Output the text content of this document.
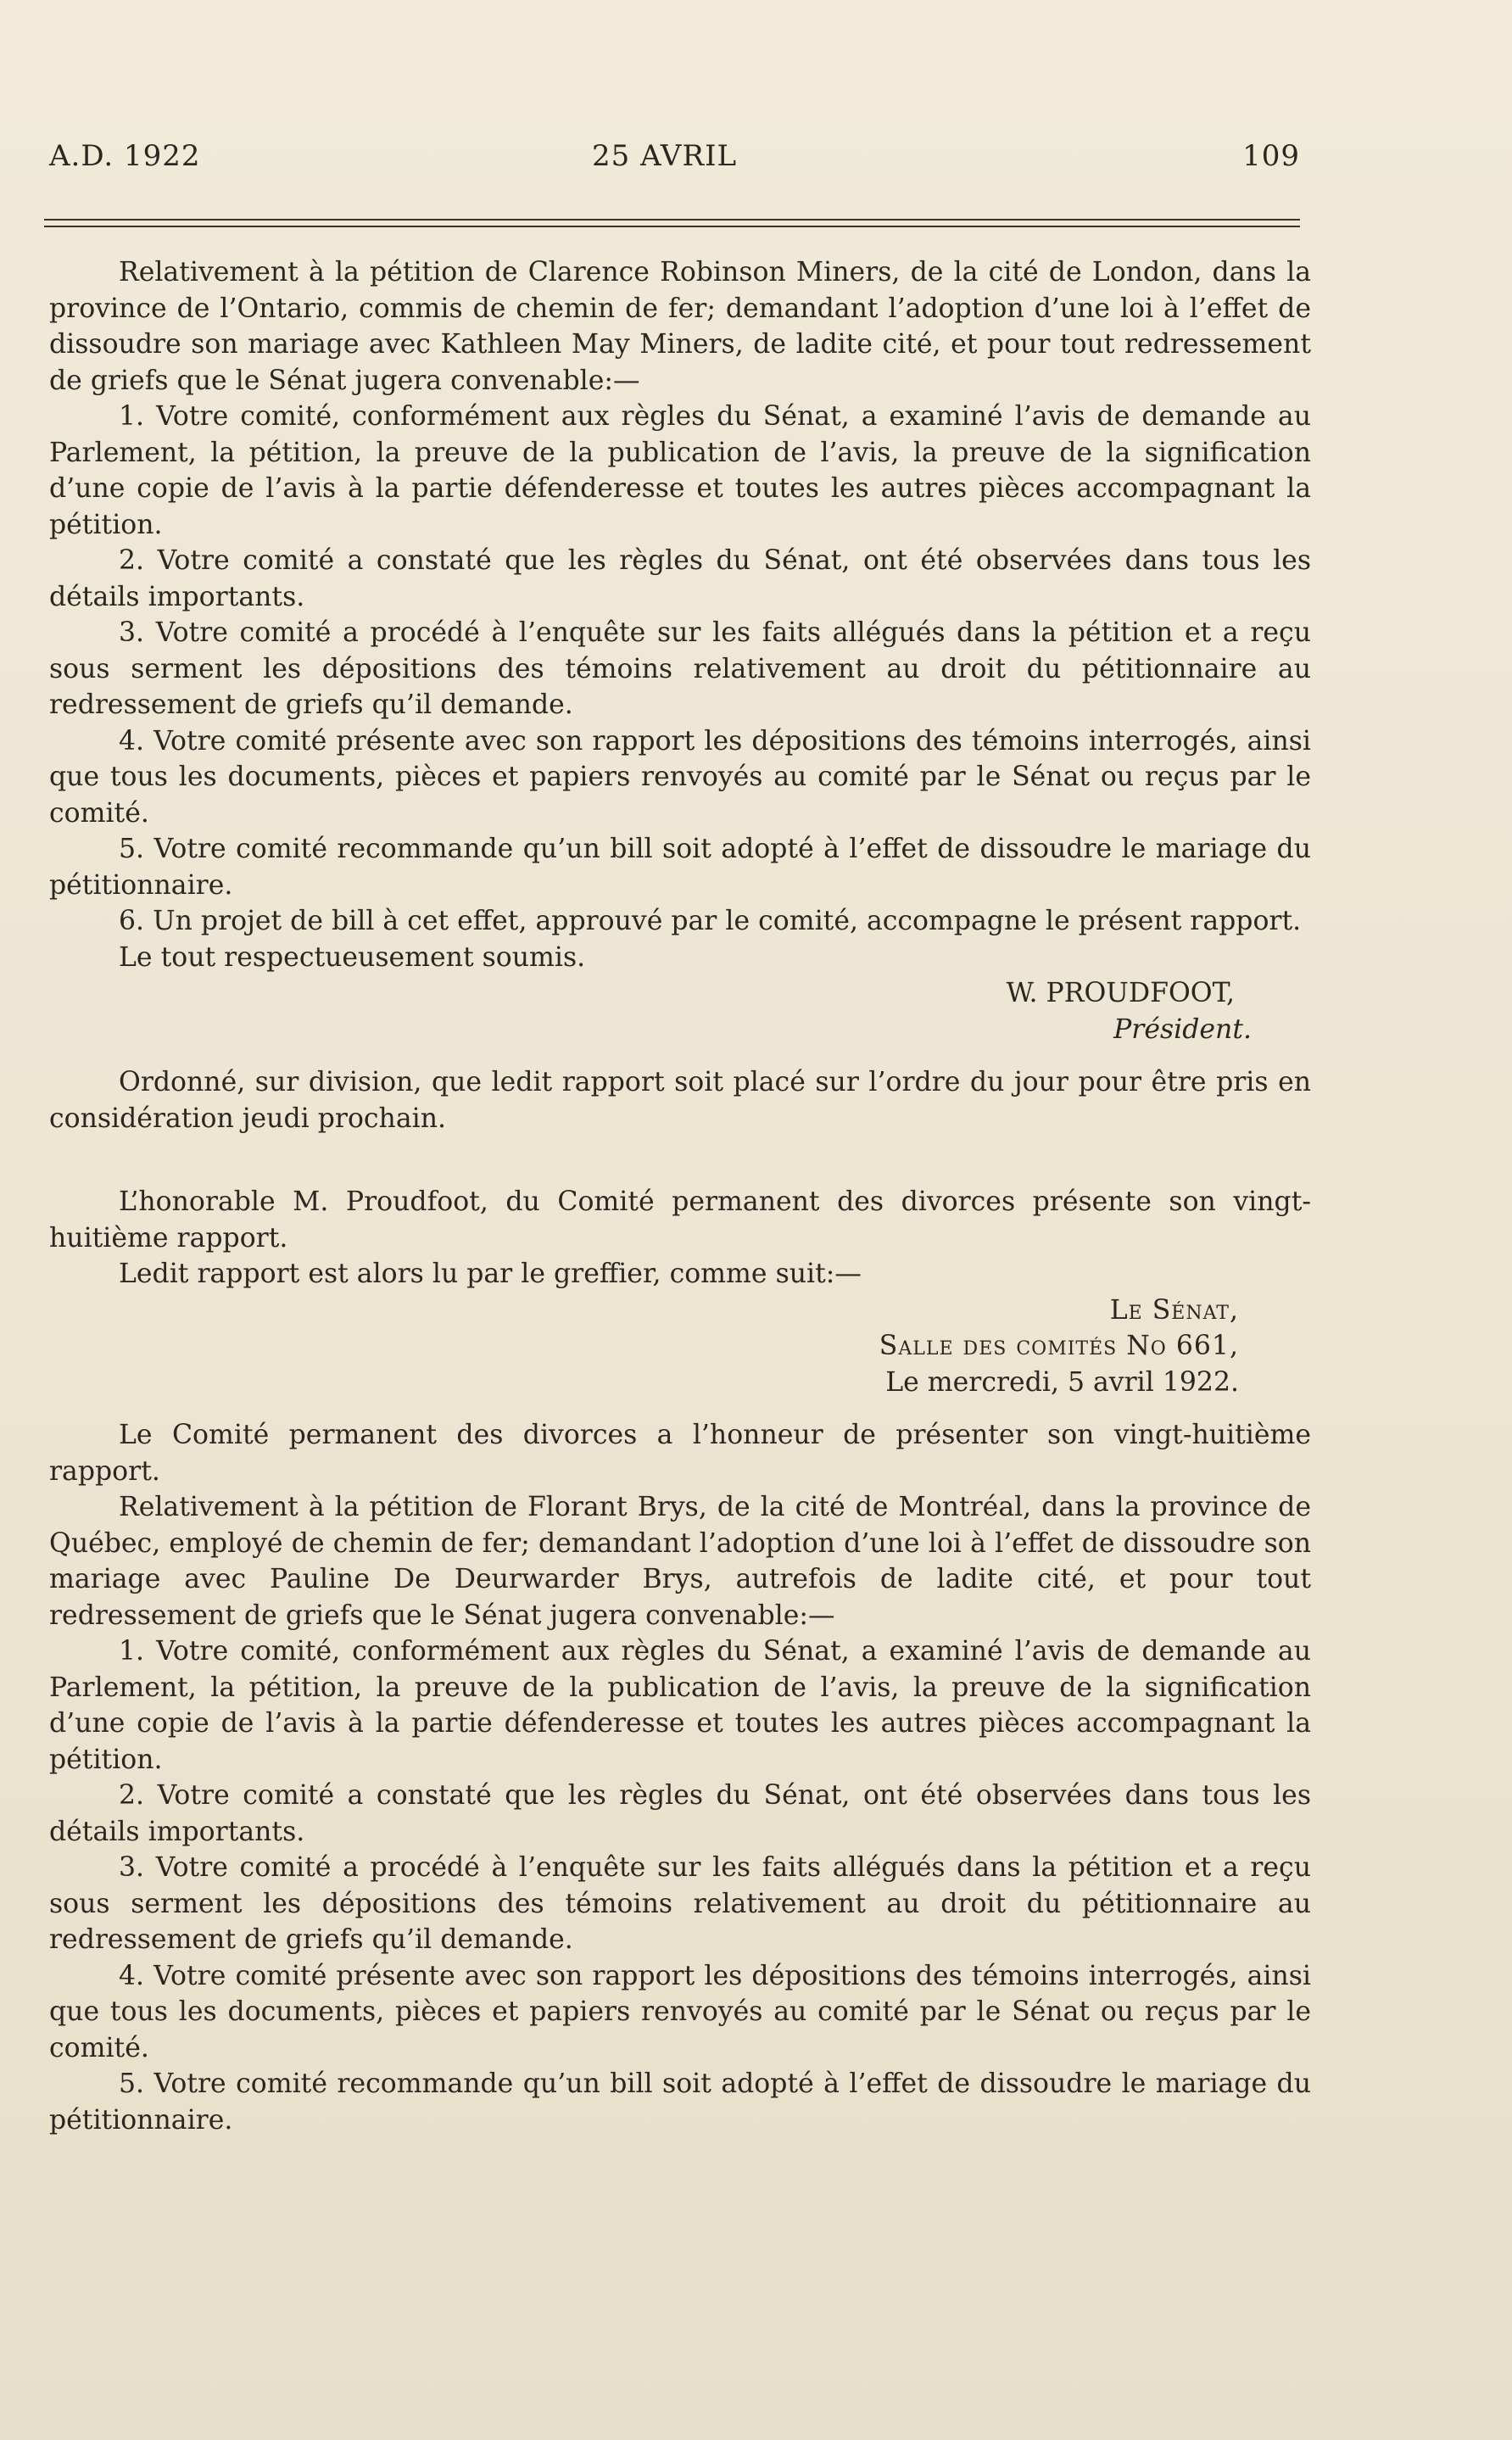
A.D. 1922	25 AVRIL	109

Relativement à la pétition de Clarence Robinson Miners, de la cité de London, dans la province de l’Ontario, commis de chemin de fer; demandant l’adoption d’une loi à l’effet de dissoudre son mariage avec Kathleen May Miners, de ladite cité, et pour tout redressement de griefs que le Sénat jugera convenable:—

1. Votre comité, conformément aux règles du Sénat, a examiné l’avis de demande au Parlement, la pétition, la preuve de la publication de l’avis, la preuve de la signification d’une copie de l’avis à la partie défenderesse et toutes les autres pièces accompagnant la pétition.

2. Votre comité a constaté que les règles du Sénat, ont été observées dans tous les détails importants.

3. Votre comité a procédé à l’enquête sur les faits allégués dans la pétition et a reçu sous serment les dépositions des témoins relativement au droit du pétitionnaire au redressement de griefs qu’il demande.

4. Votre comité présente avec son rapport les dépositions des témoins interrogés, ainsi que tous les documents, pièces et papiers renvoyés au comité par le Sénat ou reçus par le comité.

5. Votre comité recommande qu’un bill soit adopté à l’effet de dissoudre le mariage du pétitionnaire.

6. Un projet de bill à cet effet, approuvé par le comité, accompagne le présent rapport.

Le tout respectueusement soumis.

W. PROUDFOOT,

Président.

Ordonné, sur division, que ledit rapport soit placé sur l’ordre du jour pour être pris en considération jeudi prochain.

L’honorable M. Proudfoot, du Comité permanent des divorces présente son vingt-huitième rapport.

Ledit rapport est alors lu par le greffier, comme suit:—

Le Sénat,

Salle des comités No 661,

Le mercredi, 5 avril 1922.

Le Comité permanent des divorces a l’honneur de présenter son vingt-huitième rapport.

Relativement à la pétition de Florant Brys, de la cité de Montréal, dans la province de Québec, employé de chemin de fer; demandant l’adoption d’une loi à l’effet de dissoudre son mariage avec Pauline De Deurwarder Brys, autrefois de ladite cité, et pour tout redressement de griefs que le Sénat jugera convenable:—

1. Votre comité, conformément aux règles du Sénat, a examiné l’avis de demande au Parlement, la pétition, la preuve de la publication de l’avis, la preuve de la signification d’une copie de l’avis à la partie défenderesse et toutes les autres pièces accompagnant la pétition.

2. Votre comité a constaté que les règles du Sénat, ont été observées dans tous les détails importants.

3. Votre comité a procédé à l’enquête sur les faits allégués dans la pétition et a reçu sous serment les dépositions des témoins relativement au droit du pétitionnaire au redressement de griefs qu’il demande.

4. Votre comité présente avec son rapport les dépositions des témoins interrogés, ainsi que tous les documents, pièces et papiers renvoyés au comité par le Sénat ou reçus par le comité.

5. Votre comité recommande qu’un bill soit adopté à l’effet de dissoudre le mariage du pétitionnaire.
